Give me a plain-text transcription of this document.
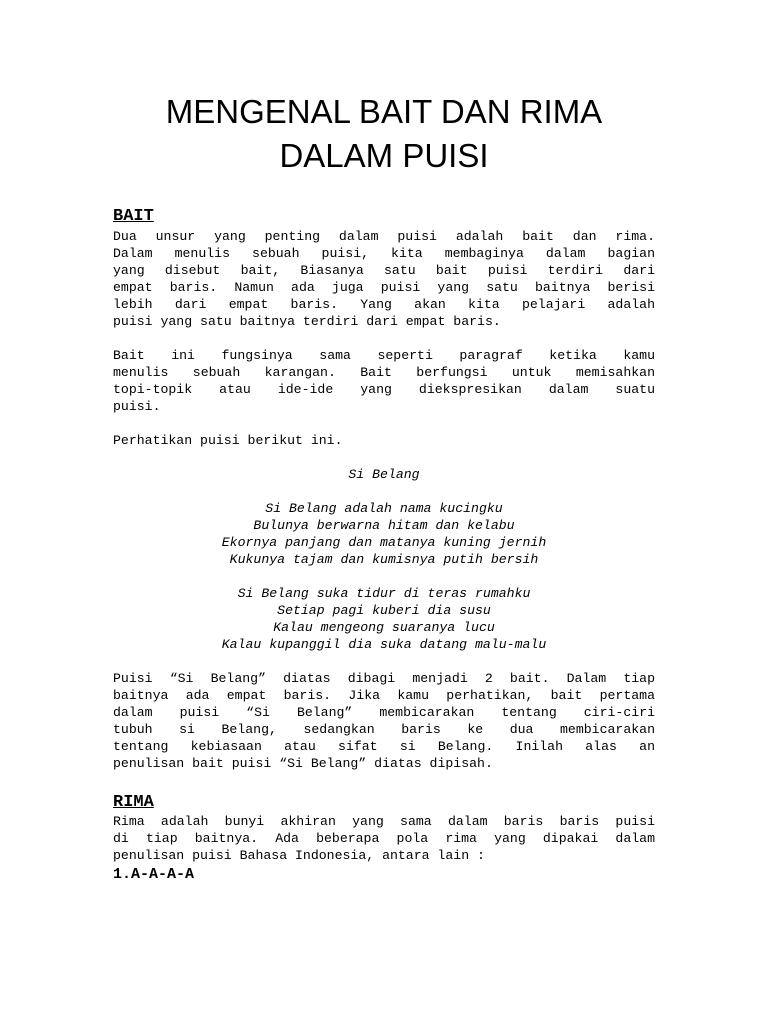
MENGENAL BAIT DAN RIMA
DALAM PUISI
BAIT
Dua unsur yang penting dalam puisi adalah bait dan rima.
Dalam menulis sebuah puisi, kita membaginya dalam bagian
yang disebut bait, Biasanya satu bait puisi terdiri dari
empat baris. Namun ada juga puisi yang satu baitnya berisi
lebih dari empat baris. Yang akan kita pelajari adalah
puisi yang satu baitnya terdiri dari empat baris.
Bait ini fungsinya sama seperti paragraf ketika kamu
menulis sebuah karangan. Bait berfungsi untuk memisahkan
topi-topik atau ide-ide yang diekspresikan dalam suatu
puisi.
Perhatikan puisi berikut ini.

Si Belang

Si Belang adalah nama kucingku
Bulunya berwarna hitam dan kelabu
Ekornya panjang dan matanya kuning jernih
Kukunya tajam dan kumisnya putih bersih
Si Belang suka tidur di teras rumahku
Setiap pagi kuberi dia susu
Kalau mengeong suaranya lucu
Kalau kupanggil dia suka datang malu-malu
Puisi “Si Belang” diatas dibagi menjadi 2 bait. Dalam tiap
baitnya ada empat baris. Jika kamu perhatikan, bait pertama
dalam puisi “Si Belang” membicarakan tentang ciri-ciri
tubuh si Belang, sedangkan baris ke dua membicarakan
tentang kebiasaan atau sifat si Belang. Inilah alas an
penulisan bait puisi “Si Belang” diatas dipisah.
RIMA
Rima adalah bunyi akhiran yang sama dalam baris baris puisi
di tiap baitnya. Ada beberapa pola rima yang dipakai dalam
penulisan puisi Bahasa Indonesia, antara lain :

1.A-A-A-A
